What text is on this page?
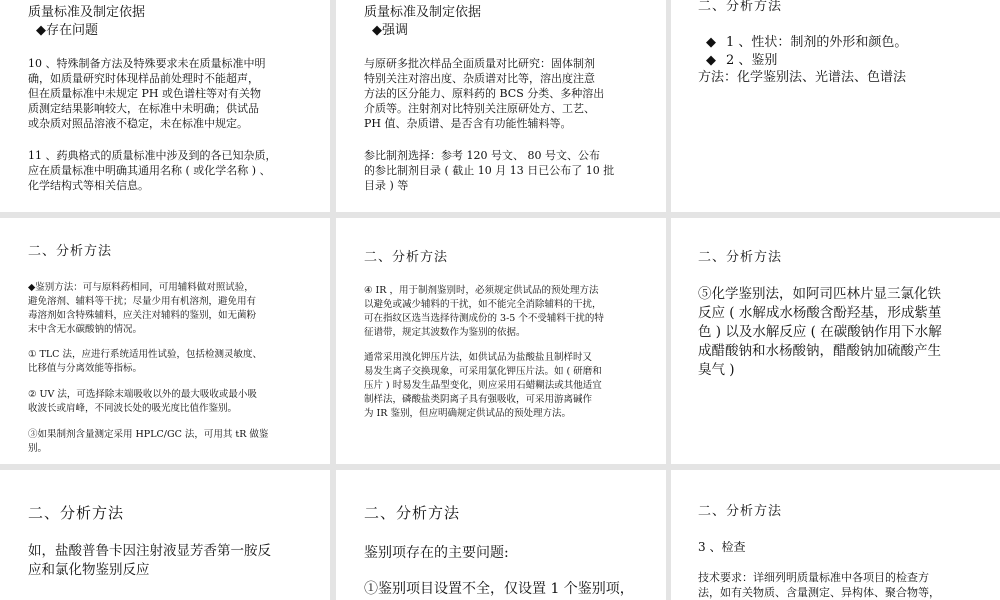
质量标准及制定依据

◆存在问题

10 、特殊制备方法及特殊要求未在质量标准中明
确，如质量研究时体现样品前处理时不能超声，
但在质量标准中未规定 PH 或色谱柱等对有关物
质测定结果影响较大，在标准中未明确；供试品
或杂质对照品溶液不稳定，未在标准中规定。

11 、药典格式的质量标准中涉及到的各已知杂质，
应在质量标准中明确其通用名称 ( 或化学名称 ) 、
化学结构式等相关信息。

质量标准及制定依据

◆强调

与原研多批次样品全面质量对比研究：固体制剂
特别关注对溶出度、杂质谱对比等，溶出度注意
方法的区分能力、原料药的 BCS 分类、多种溶出
介质等。注射剂对比特别关注原研处方、工艺、
PH 值、杂质谱、是否含有功能性辅料等。

参比制剂选择：参考 120 号文、 80 号文、公布
的参比制剂目录 ( 截止 10 月 13 日已公布了 10 批
目录 ) 等

二、分析方法

◆ 1 、性状：制剂的外形和颜色。
◆ 2 、鉴别

方法：化学鉴别法、光谱法、色谱法

二、分析方法

◆鉴别方法：可与原料药相同，可用辅料做对照试验，
避免溶剂、辅料等干扰；尽量少用有机溶剂，避免用有
毒溶剂如含特殊辅料，应关注对辅料的鉴别，如无菌粉
末中含无水碳酸钠的情况。

① TLC 法，应进行系统适用性试验，包括检测灵敏度、
比移值与分离效能等指标。

② UV 法，可选择除末端吸收以外的最大吸收或最小吸
收波长或肩峰，不同波长处的吸光度比值作鉴别。

③如果制剂含量测定采用 HPLC/GC 法，可用其 tR 做鉴
别。

二、分析方法

④ IR ，用于制剂鉴别时，必须规定供试品的预处理方法
以避免或减少辅料的干扰，如不能完全消除辅料的干扰，
可在指纹区选当选择待测成份的 3-5 个不受辅料干扰的特
征谱带，规定其波数作为鉴别的依据。

通常采用溴化钾压片法，如供试品为盐酸盐且制样时又
易发生离子交换现象，可采用氯化钾压片法。如 ( 研磨和
压片 ) 时易发生晶型变化，则应采用石蜡糊法或其他适宜
制样法，磷酸盐类阴离子具有强吸收，可采用游离碱作
为 IR 鉴别，但应明确规定供试品的预处理方法。

二、分析方法

⑤化学鉴别法，如阿司匹林片显三氯化铁
反应 ( 水解成水杨酸含酚羟基，形成紫堇
色 ) 以及水解反应 ( 在碳酸钠作用下水解
成醋酸钠和水杨酸钠，醋酸钠加硫酸产生
臭气 )

二、分析方法

如，盐酸普鲁卡因注射液显芳香第一胺反
应和氯化物鉴别反应

二、分析方法

鉴别项存在的主要问题:

①鉴别项目设置不全，仅设置 1 个鉴别项，

二、分析方法

3 、检查

技术要求：详细列明质量标准中各项目的检查方
法，如有关物质、含量测定、异构体、聚合物等，
